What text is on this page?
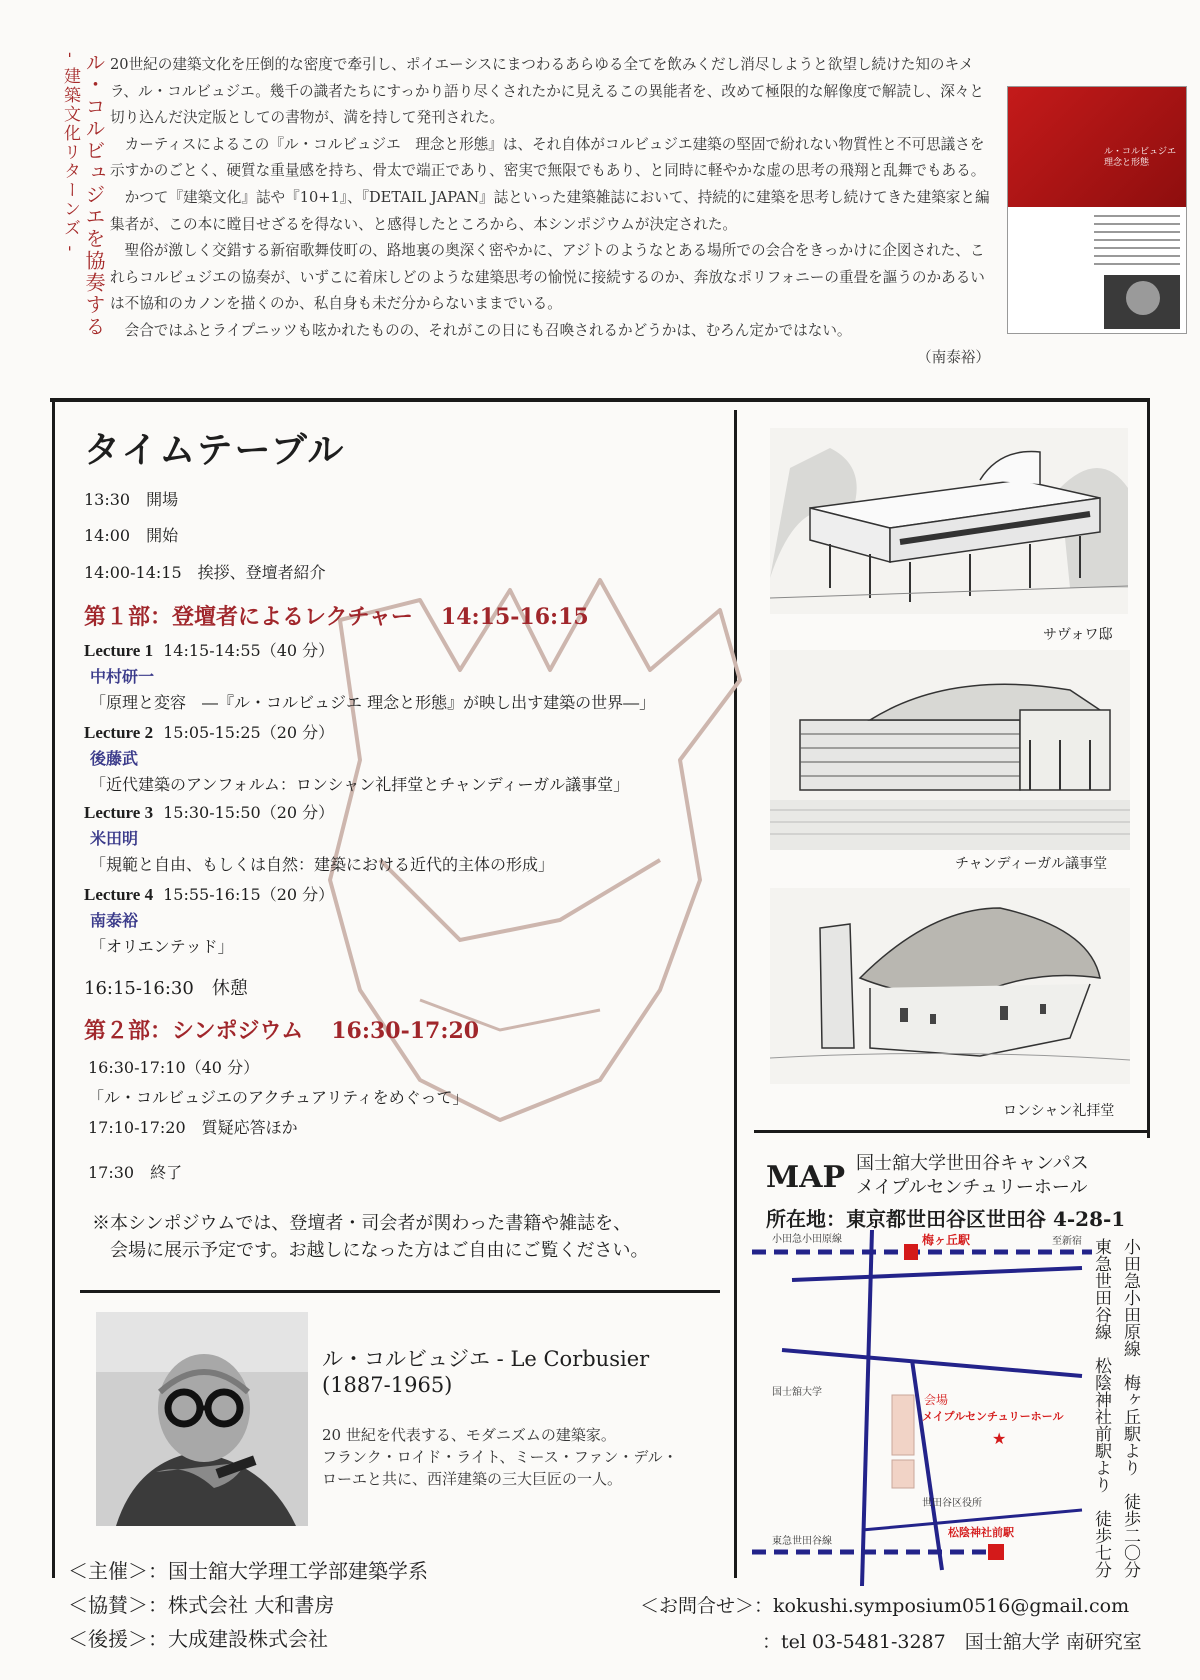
ル・コルビュジエを協奏する
- 建築文化リターンズ -	20世紀の建築文化を圧倒的な密度で牽引し、ポイエーシスにまつわるあらゆる全てを飲みくだし消尽しようと欲望し続けた知のキメラ、ル・コルビュジエ。幾千の識者たちにすっかり語り尽くされたかに見えるこの異能者を、改めて極限的な解像度で解読し、深々と切り込んだ決定版としての書物が、満を持して発刊された。

カーティスによるこの『ル・コルビュジエ　理念と形態』は、それ自体がコルビュジエ建築の堅固で紛れない物質性と不可思議さを示すかのごとく、硬質な重量感を持ち、骨太で端正であり、密実で無限でもあり、と同時に軽やかな虚の思考の飛翔と乱舞でもある。

かつて『建築文化』誌や『10+1』、『DETAIL JAPAN』誌といった建築雑誌において、持続的に建築を思考し続けてきた建築家と編集者が、この本に瞠目せざるを得ない、と感得したところから、本シンポジウムが決定された。

聖俗が激しく交錯する新宿歌舞伎町の、路地裏の奥深く密やかに、アジトのようなとある場所での会合をきっかけに企図された、これらコルビュジエの協奏が、いずこに着床しどのような建築思考の愉悦に接続するのか、奔放なポリフォニーの重畳を謳うのかあるいは不協和のカノンを描くのか、私自身も未だ分からないままでいる。

会合ではふとライプニッツも呟かれたものの、それがこの日にも召喚されるかどうかは、むろん定かではない。

（南泰裕）

ル・コルビュジエ 理念と形態
タイムテーブル
13:30　 開場
14:00　 開始
14:00-14:15　 挨拶、登壇者紹介
第１部：登壇者によるレクチャー 14:15-16:15
Lecture 1 14:15-14:55（40 分）
中村研一
「原理と変容　―『ル・コルビュジエ 理念と形態』が映し出す建築の世界―」
Lecture 2 15:05-15:25（20 分）
後藤武
「近代建築のアンフォルム：ロンシャン礼拝堂とチャンディーガル議事堂」
Lecture 3 15:30-15:50（20 分）
米田明
「規範と自由、もしくは自然：建築における近代的主体の形成」
Lecture 4 15:55-16:15（20 分）
南泰裕
「オリエンテッド」
16:15-16:30　 休憩
第２部：シンポジウム 16:30-17:20
16:30-17:10（40 分）
「ル・コルビュジエのアクチュアリティをめぐって」
17:10-17:20　 質疑応答ほか
17:30　 終了
※本シンポジウムでは、登壇者・司会者が関わった書籍や雑誌を、
会場に展示予定です。お越しになった方はご自由にご覧ください。
サヴォワ邸
チャンディーガル議事堂
ロンシャン礼拝堂
ル・コルビュジエ - Le Corbusier
(1887-1965)
20 世紀を代表する、モダニズムの建築家。
フランク・ロイド・ライト、ミース・ファン・デル・
ローエと共に、西洋建築の三大巨匠の一人。
＜主催＞：国士舘大学理工学部建築学系
＜協賛＞：株式会社 大和書房
＜後援＞：大成建設株式会社
＜お問合せ＞：kokushi.symposium0516@gmail.com
：tel 03-5481-3287　国士舘大学 南研究室
MAP 国士舘大学世田谷キャンパス
メイプルセンチュリーホール
所在地：東京都世田谷区世田谷 4-28-1
小田急小田原線	梅ヶ丘駅	至新宿
★
国士舘大学
会場
メイプルセンチュリーホール
世田谷区役所
東急世田谷線
松陰神社前駅	小田急小田原線　梅ヶ丘駅より　徒歩二〇分
東急世田谷線　松陰神社前駅より　徒歩七分
